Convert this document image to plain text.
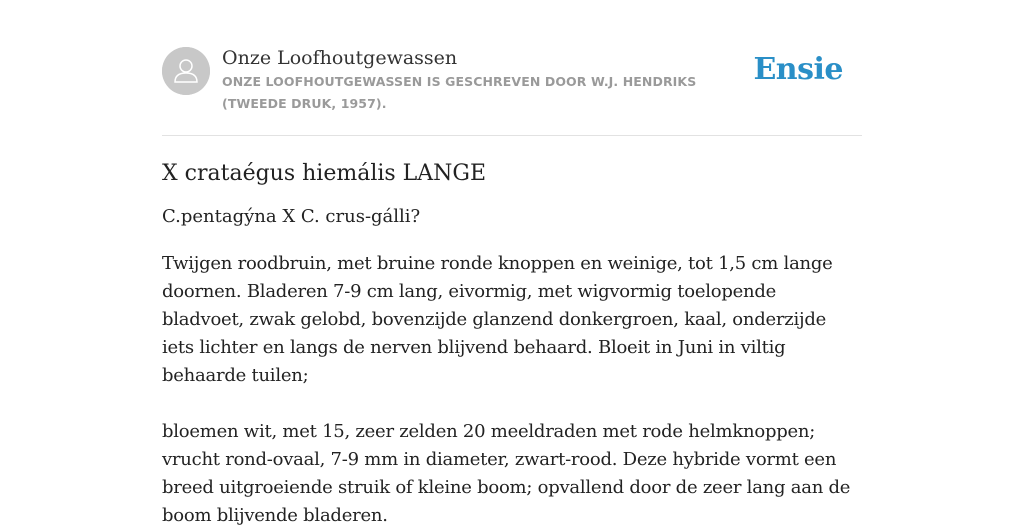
Onze Loofhoutgewassen

ONZE LOOFHOUTGEWASSEN IS GESCHREVEN DOOR W.J. HENDRIKS (TWEEDE DRUK, 1957).

Ensie
X crataégus hiemális LANGE

C.pentagýna X C. crus-gálli?

Twijgen roodbruin, met bruine ronde knoppen en weinige, tot 1,5 cm lange doornen. Bladeren 7-9 cm lang, eivormig, met wigvormig toelopende bladvoet, zwak gelobd, bovenzijde glanzend donkergroen, kaal, onderzijde iets lichter en langs de nerven blijvend behaard. Bloeit in Juni in viltig behaarde tuilen;

bloemen wit, met 15, zeer zelden 20 meeldraden met rode helmknoppen; vrucht rond-ovaal, 7-9 mm in diameter, zwart-rood. Deze hybride vormt een breed uitgroeiende struik of kleine boom; opvallend door de zeer lang aan de boom blijvende bladeren.
